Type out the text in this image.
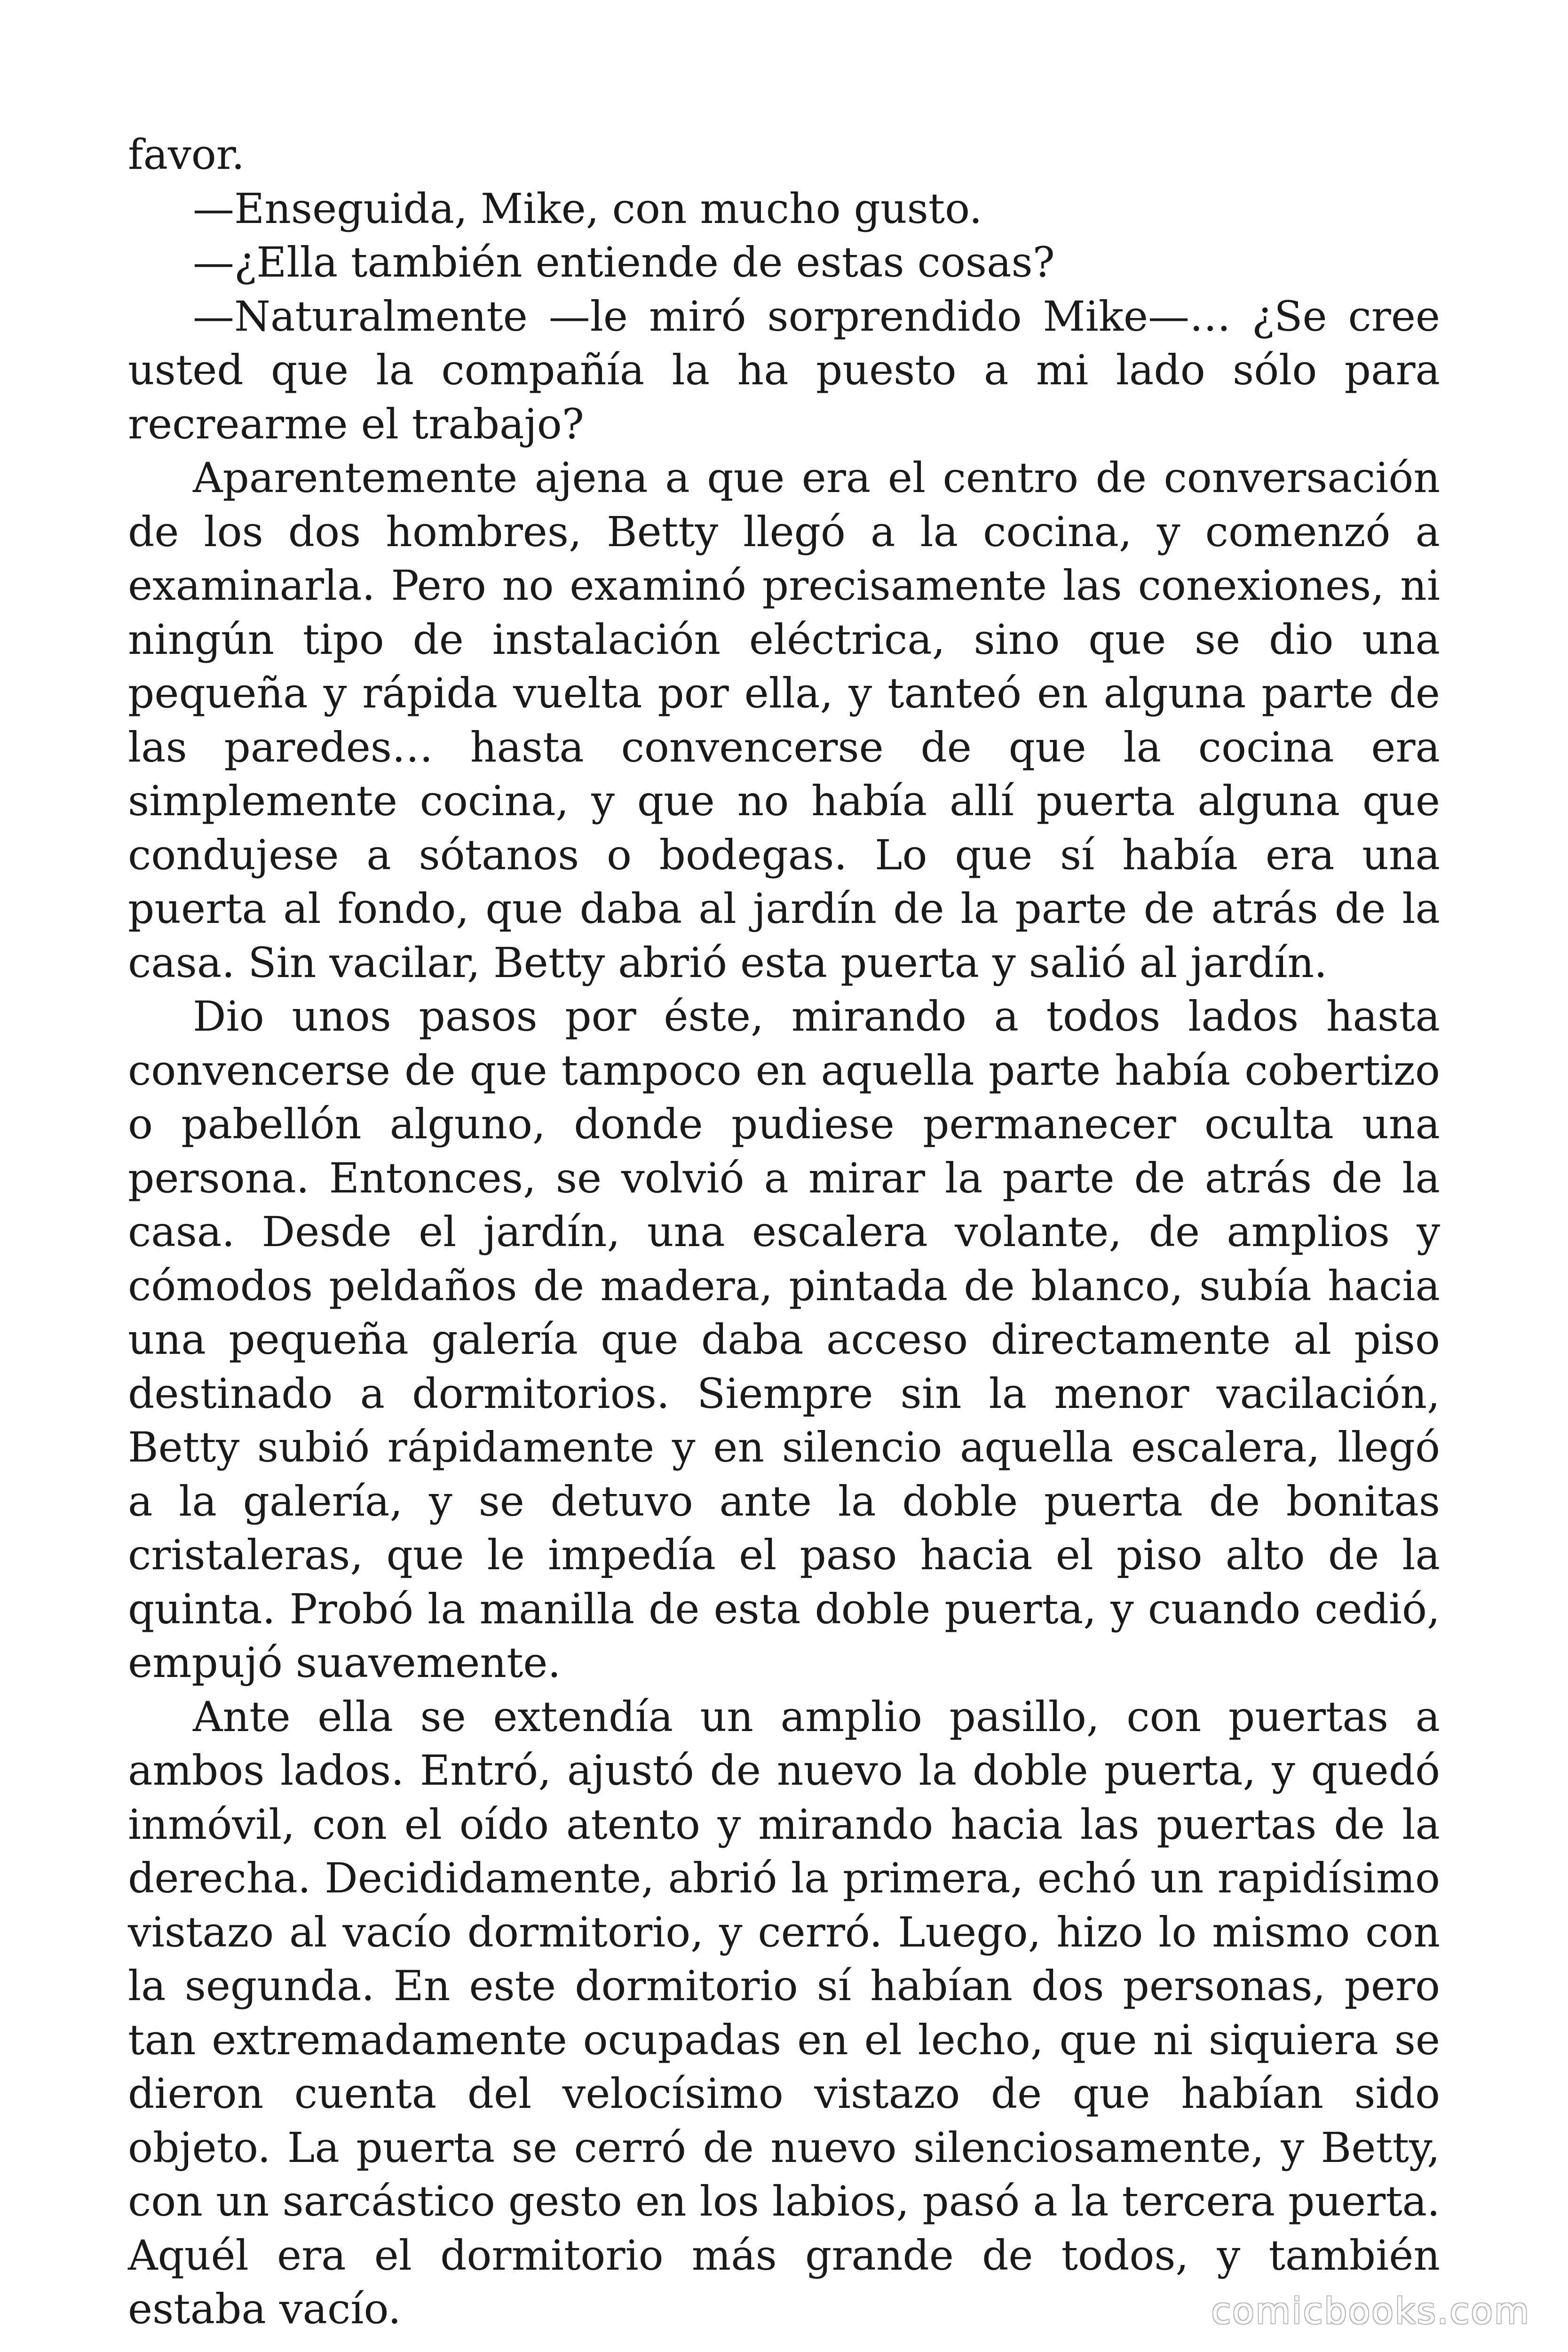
favor.

—Enseguida, Mike, con mucho gusto.

—¿Ella también entiende de estas cosas?

—Naturalmente —le miró sorprendido Mike—… ¿Se cree usted que la compañía la ha puesto a mi lado sólo para recrearme el trabajo?

Aparentemente ajena a que era el centro de conversación de los dos hombres, Betty llegó a la cocina, y comenzó a examinarla. Pero no examinó precisamente las conexiones, ni ningún tipo de instalación eléctrica, sino que se dio una pequeña y rápida vuelta por ella, y tanteó en alguna parte de las paredes… hasta convencerse de que la cocina era simplemente cocina, y que no había allí puerta alguna que condujese a sótanos o bodegas. Lo que sí había era una puerta al fondo, que daba al jardín de la parte de atrás de la casa. Sin vacilar, Betty abrió esta puerta y salió al jardín.

Dio unos pasos por éste, mirando a todos lados hasta convencerse de que tampoco en aquella parte había cobertizo o pabellón alguno, donde pudiese permanecer oculta una persona. Entonces, se volvió a mirar la parte de atrás de la casa. Desde el jardín, una escalera volante, de amplios y cómodos peldaños de madera, pintada de blanco, subía hacia una pequeña galería que daba acceso directamente al piso destinado a dormitorios. Siempre sin la menor vacilación, Betty subió rápidamente y en silencio aquella escalera, llegó a la galería, y se detuvo ante la doble puerta de bonitas cristaleras, que le impedía el paso hacia el piso alto de la quinta. Probó la manilla de esta doble puerta, y cuando cedió, empujó suavemente.

Ante ella se extendía un amplio pasillo, con puertas a ambos lados. Entró, ajustó de nuevo la doble puerta, y quedó inmóvil, con el oído atento y mirando hacia las puertas de la derecha. Decididamente, abrió la primera, echó un rapidísimo vistazo al vacío dormitorio, y cerró. Luego, hizo lo mismo con la segunda. En este dormitorio sí habían dos personas, pero tan extremadamente ocupadas en el lecho, que ni siquiera se dieron cuenta del velocísimo vistazo de que habían sido objeto. La puerta se cerró de nuevo silenciosamente, y Betty, con un sarcástico gesto en los labios, pasó a la tercera puerta. Aquél era el dormitorio más grande de todos, y también estaba vacío.	comicbooks.com
